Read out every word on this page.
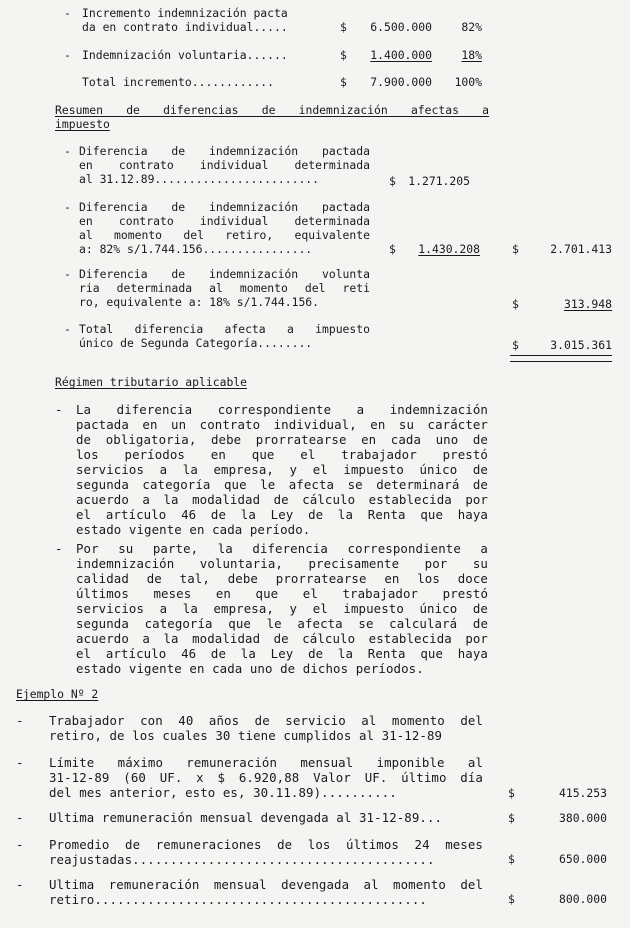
- Incremento indemnización pacta
da en contrato individual.....	$	6.500.000	82%
- Indemnización voluntaria......	$	1.400.000	18%
Total incremento............	$	7.900.000	100%
Resumen de diferencias de indemnización afectas a
impuesto
- Diferencia de indemnización pactada
en contrato individual determinada
al 31.12.89........................	$	1.271.205
- Diferencia de indemnización pactada
en contrato individual determinada
al momento del retiro, equivalente
a: 82% s/1.744.156................	$	1.430.208	$	2.701.413
- Diferencia de indemnización volunta
ria determinada al momento del reti
ro, equivalente a: 18% s/1.744.156.	$	313.948
- Total diferencia afecta a impuesto
único de Segunda Categoría........	$	3.015.361
Régimen tributario aplicable
- La diferencia correspondiente a indemnización
pactada en un contrato individual, en su carácter
de obligatoria, debe prorratearse en cada uno de
los períodos en que el trabajador prestó
servicios a la empresa, y el impuesto único de
segunda categoría que le afecta se determinará de
acuerdo a la modalidad de cálculo establecida por
el artículo 46 de la Ley de la Renta que haya
estado vigente en cada período.
- Por su parte, la diferencia correspondiente a
indemnización voluntaria, precisamente por su
calidad de tal, debe prorratearse en los doce
últimos meses en que el trabajador prestó
servicios a la empresa, y el impuesto único de
segunda categoría que le afecta se calculará de
acuerdo a la modalidad de cálculo establecida por
el artículo 46 de la Ley de la Renta que haya
estado vigente en cada uno de dichos períodos.
Ejemplo Nº 2
- Trabajador con 40 años de servicio al momento del
retiro, de los cuales 30 tiene cumplidos al 31-12-89
- Límite máximo remuneración mensual imponible al
31-12-89 (60 UF. x $ 6.920,88 Valor UF. último día
del mes anterior, esto es, 30.11.89)..........	$	415.253
- Ultima remuneración mensual devengada al 31-12-89...	$	380.000
- Promedio de remuneraciones de los últimos 24 meses
reajustadas........................................	$	650.000
- Ultima remuneración mensual devengada al momento del
retiro............................................	$	800.000
